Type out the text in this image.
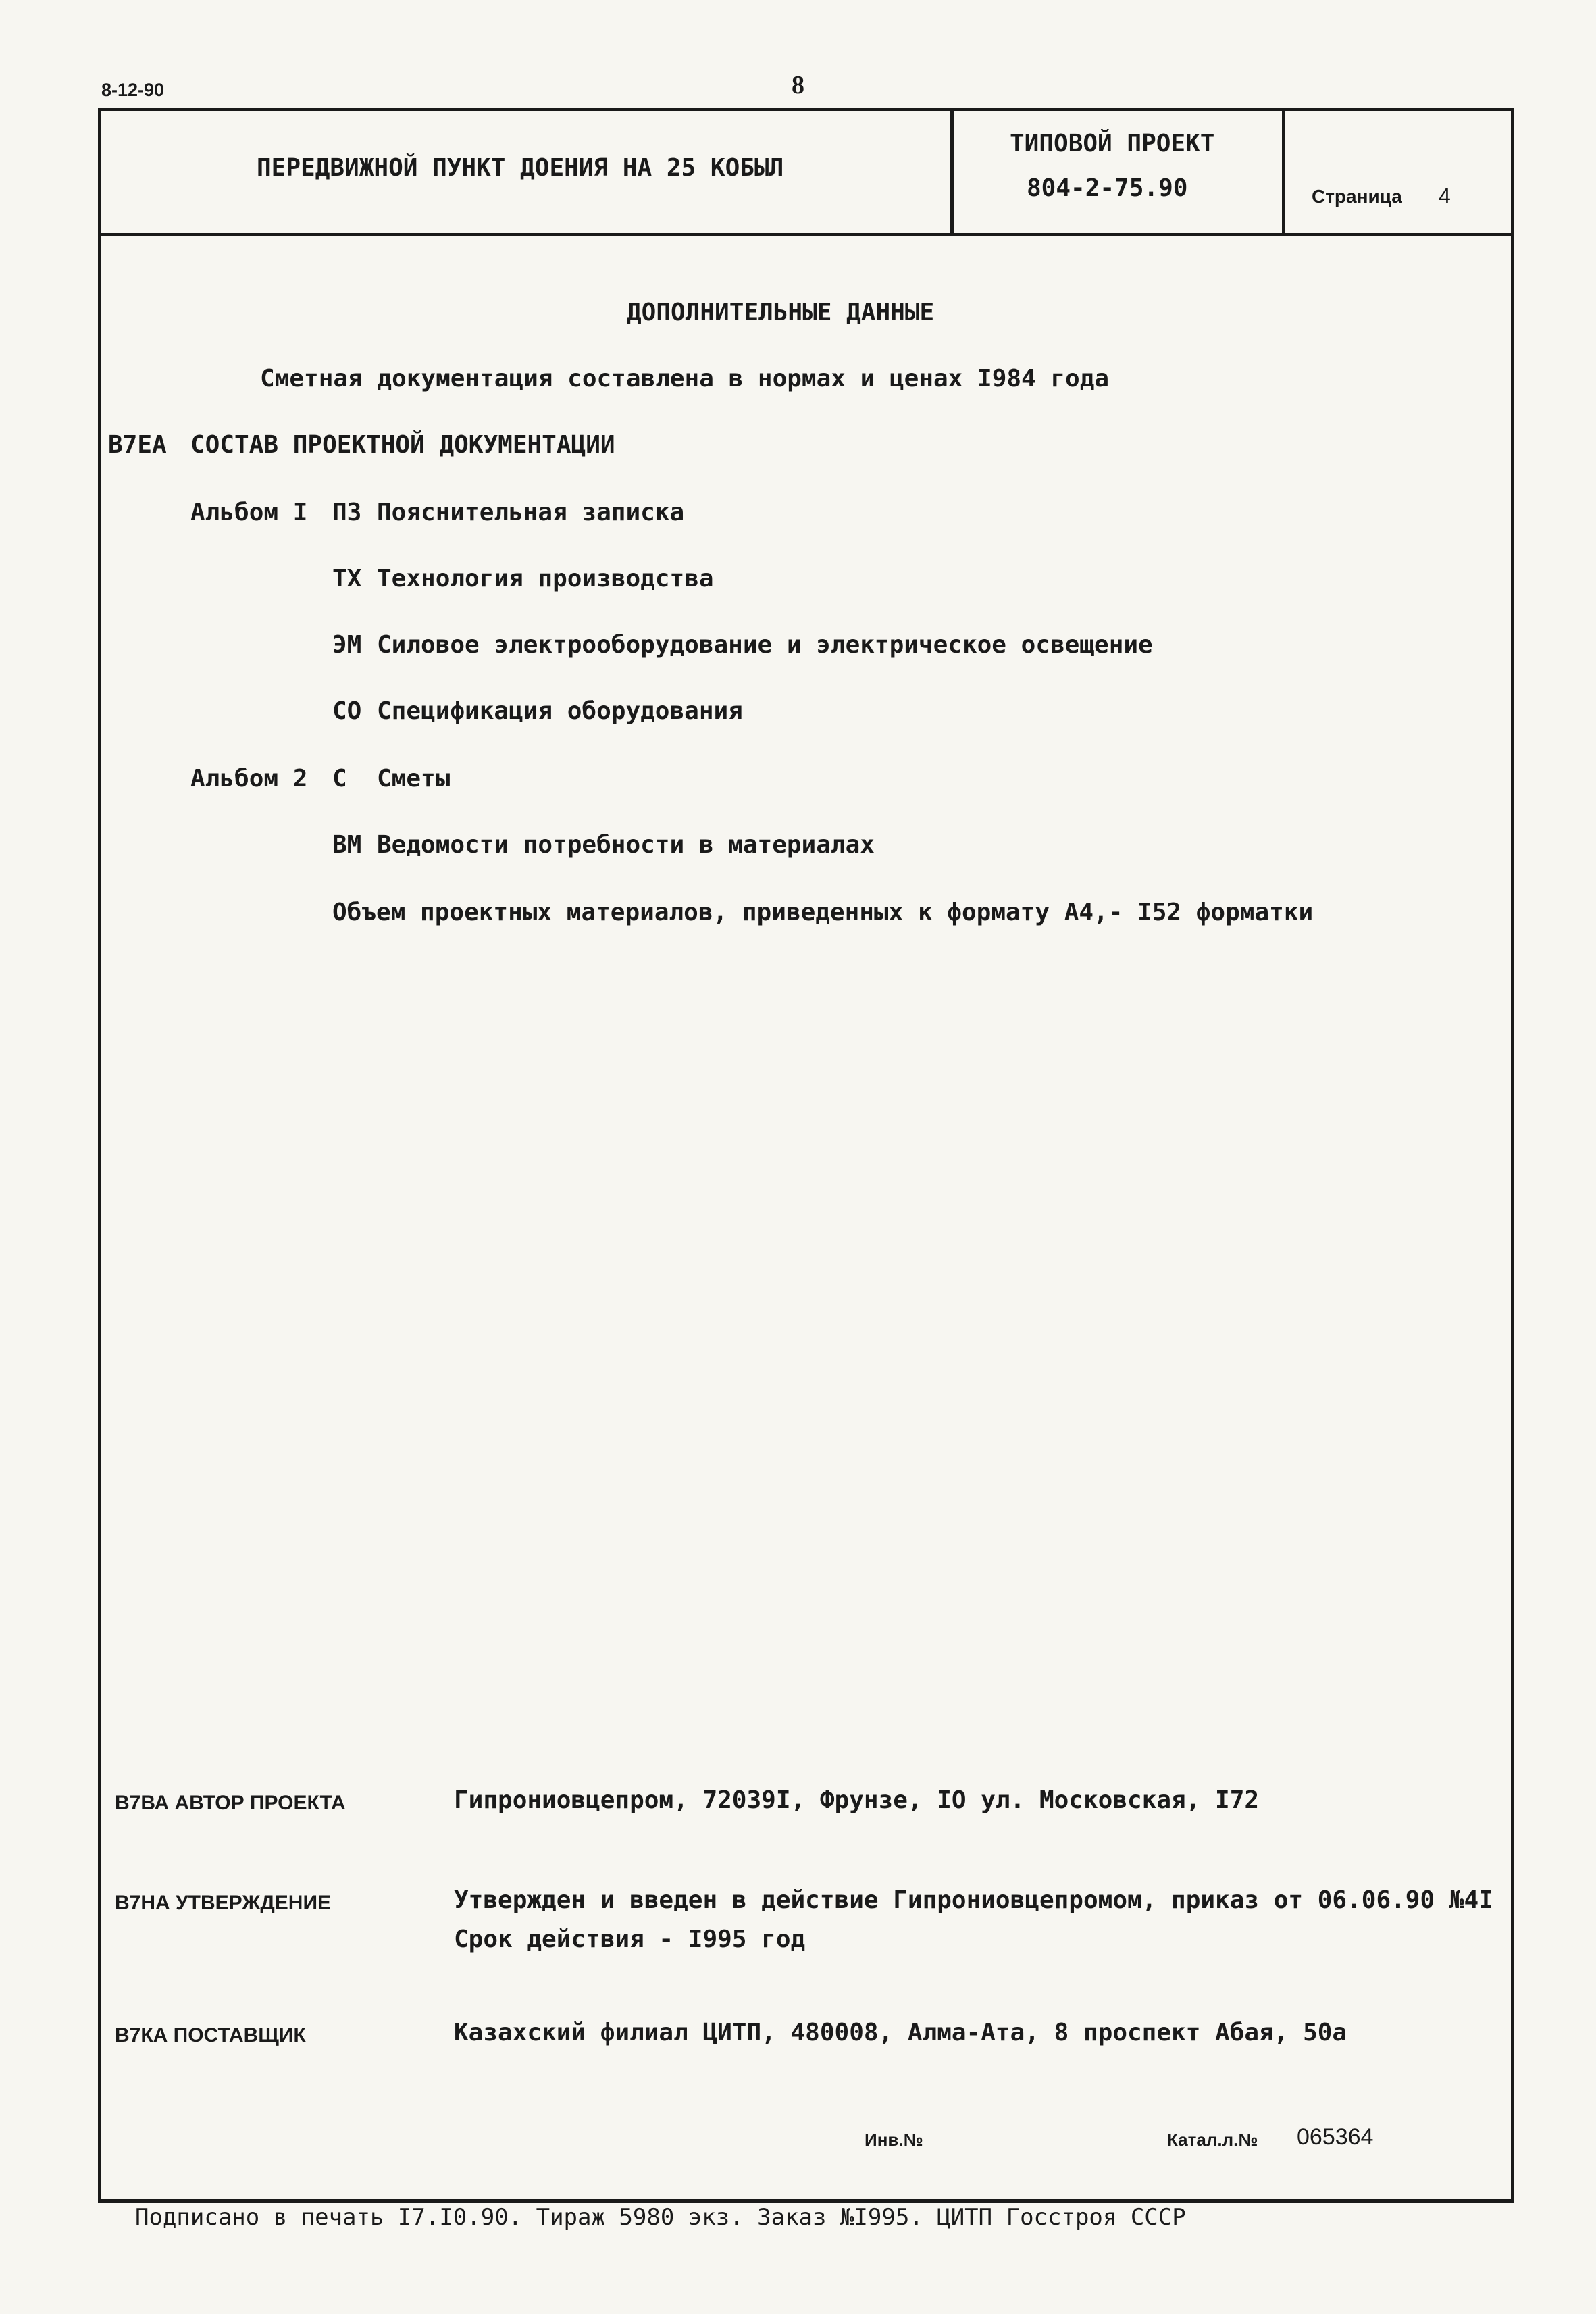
8-12-90	8
ПЕРЕДВИЖНОЙ ПУНКТ ДОЕНИЯ НА 25 КОБЫЛ
ТИПОВОЙ ПРОЕКТ
804-2-75.90	Страница 4
ДОПОЛНИТЕЛЬНЫЕ ДАННЫЕ
Сметная документация составлена в нормах и ценах I984 года
В7ЕА СОСТАВ ПРОЕКТНОЙ ДОКУМЕНТАЦИИ
Альбом I ПЗ Пояснительная записка
ТХ Технология производства
ЭМ Силовое электрооборудование и электрическое освещение
СО Спецификация оборудования
Альбом 2 С Сметы
ВМ Ведомости потребности в материалах
Объем проектных материалов, приведенных к формату А4,- I52 форматки
В7ВА АВТОР ПРОЕКТА	Гипрониовцепром, 72039I, Фрунзе, IO ул. Московская, I72
В7НА УТВЕРЖДЕНИЕ	Утвержден и введен в действие Гипрониовцепромом, приказ от 06.06.90 №4I
Срок действия - I995 год
В7КА ПОСТАВЩИК	Казахский филиал ЦИТП, 480008, Алма-Ата, 8 проспект Абая, 50а
Инв.№	Катал.л.№ 065364
Подписано в печать I7.I0.90. Тираж 5980 экз. Заказ №I995. ЦИТП Госстроя СССР
